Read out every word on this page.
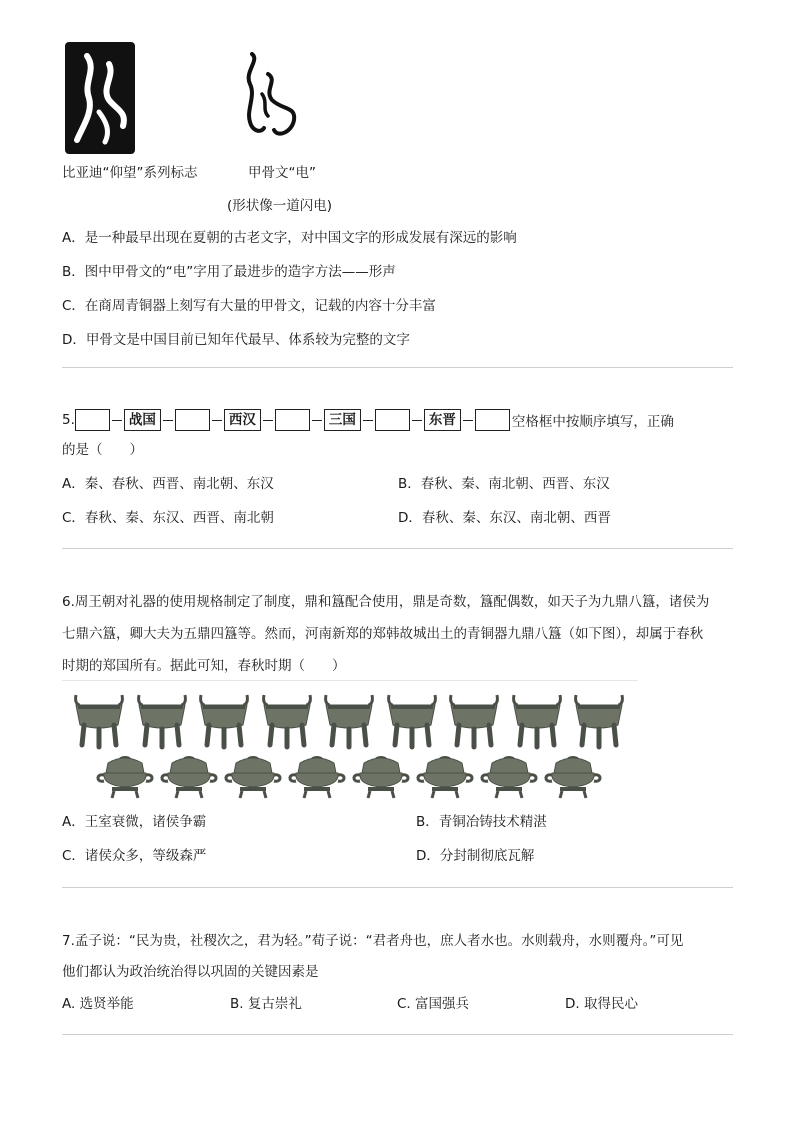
比亚迪“仰望”系列标志	甲骨文“电”
(形状像一道闪电)
A．是一种最早出现在夏朝的古老文字，对中国文字的形成发展有深远的影响
B．图中甲骨文的“电”字用了最进步的造字方法——形声
C．在商周青铜器上刻写有大量的甲骨文，记载的内容十分丰富
D．甲骨文是中国目前已知年代最早、体系较为完整的文字
5.	战国	西汉	三国	东晋	空格框中按顺序填写，正确
的是（　　）
A．秦、春秋、西晋、南北朝、东汉	B．春秋、秦、南北朝、西晋、东汉
C．春秋、秦、东汉、西晋、南北朝	D．春秋、秦、东汉、南北朝、西晋
6.周王朝对礼器的使用规格制定了制度，鼎和簋配合使用，鼎是奇数，簋配偶数，如天子为九鼎八簋，诸侯为
七鼎六簋，卿大夫为五鼎四簋等。然而，河南新郑的郑韩故城出土的青铜器九鼎八簋（如下图），却属于春秋
时期的郑国所有。据此可知，春秋时期（　　）
A．王室衰微，诸侯争霸	B．青铜冶铸技术精湛
C．诸侯众多，等级森严	D．分封制彻底瓦解
7.孟子说：“民为贵，社稷次之，君为轻。”荀子说：“君者舟也，庶人者水也。水则载舟，水则覆舟。”可见
他们都认为政治统治得以巩固的关键因素是
A. 选贤举能	B. 复古崇礼	C. 富国强兵	D. 取得民心
